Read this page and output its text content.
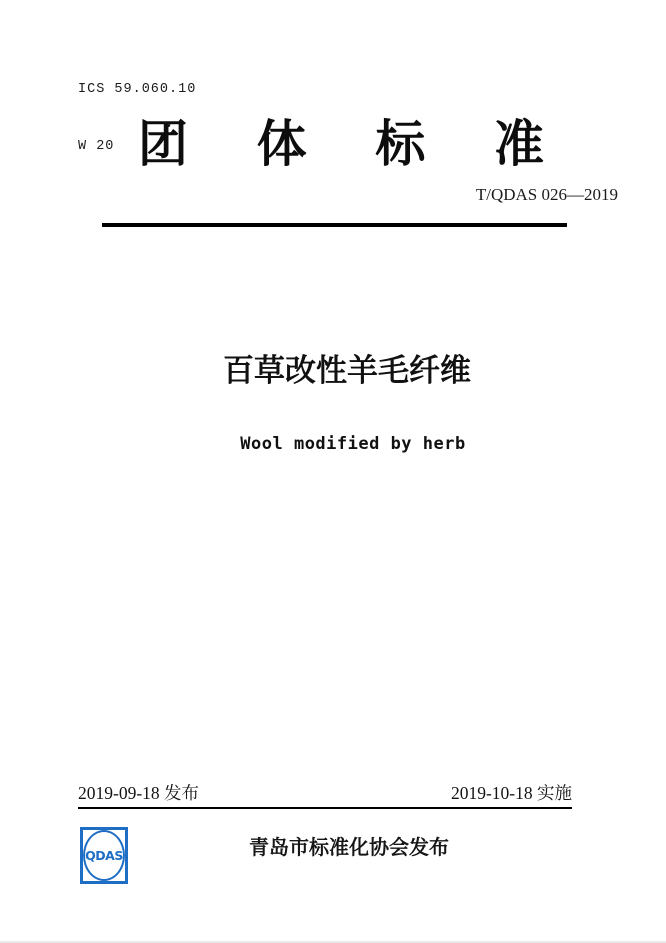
ICS 59.060.10

W 20

团 体 标 准
T/QDAS 026—2019
百草改性羊毛纤维
Wool modified by herb
2019-09-18 发布	2019-10-18 实施
QDAS	青岛市标准化协会发布
